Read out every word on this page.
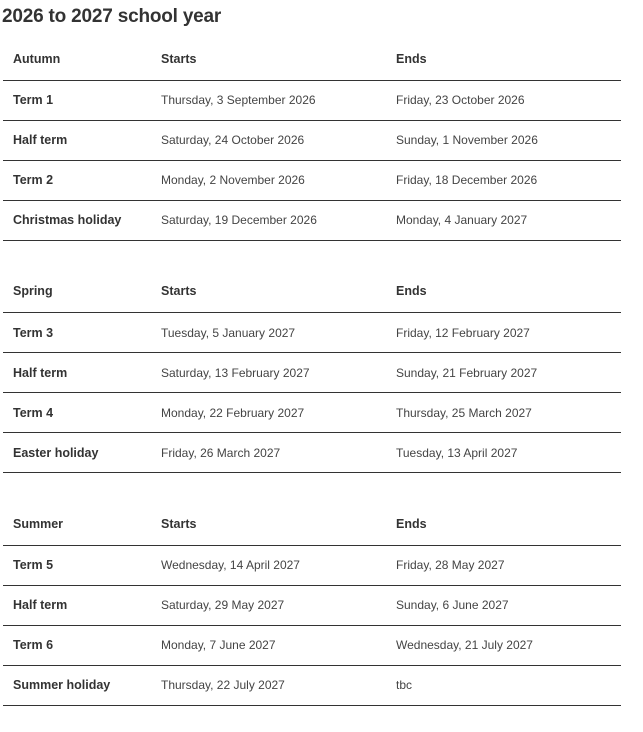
2026 to 2027 school year
Autumn	Starts	Ends
Term 1	Thursday, 3 September 2026	Friday, 23 October 2026
Half term	Saturday, 24 October 2026	Sunday, 1 November 2026
Term 2	Monday, 2 November 2026	Friday, 18 December 2026
Christmas holiday	Saturday, 19 December 2026	Monday, 4 January 2027
Spring	Starts	Ends
Term 3	Tuesday, 5 January 2027	Friday, 12 February 2027
Half term	Saturday, 13 February 2027	Sunday, 21 February 2027
Term 4	Monday, 22 February 2027	Thursday, 25 March 2027
Easter holiday	Friday, 26 March 2027	Tuesday, 13 April 2027
Summer	Starts	Ends
Term 5	Wednesday, 14 April 2027	Friday, 28 May 2027
Half term	Saturday, 29 May 2027	Sunday, 6 June 2027
Term 6	Monday, 7 June 2027	Wednesday, 21 July 2027
Summer holiday	Thursday, 22 July 2027	tbc
